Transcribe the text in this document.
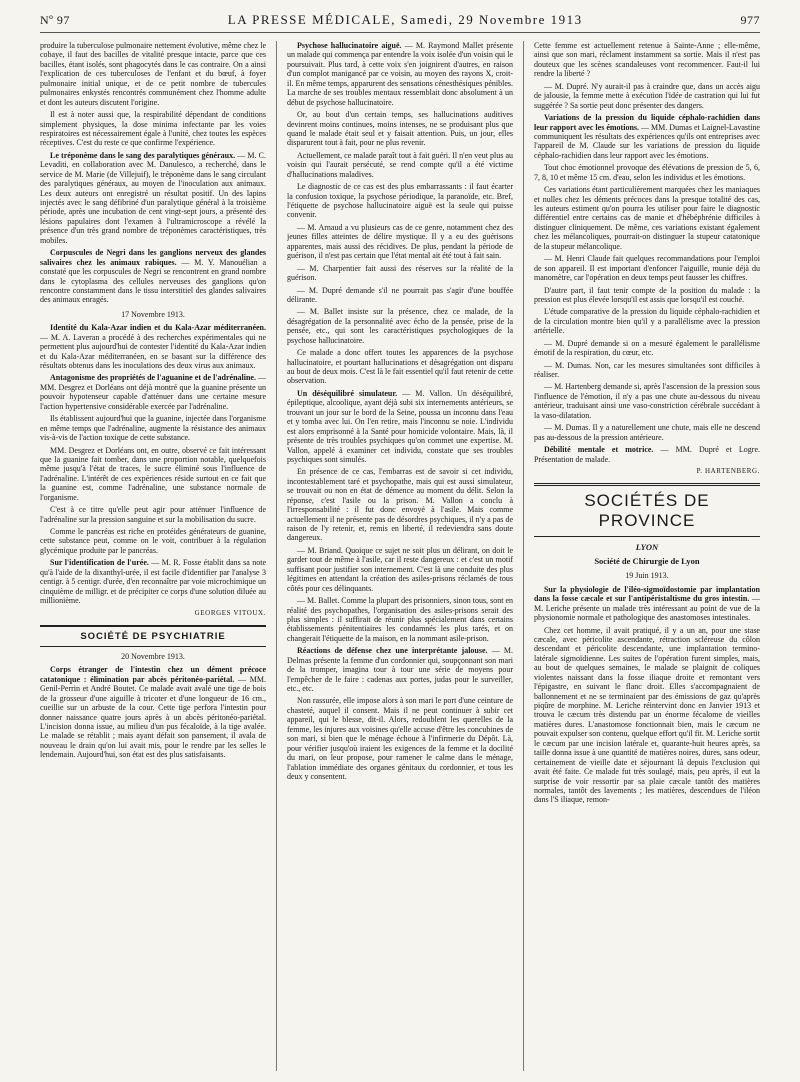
Nº 97	LA PRESSE MÉDICALE, Samedi, 29 Novembre 1913	977

produire la tuberculose pulmonaire nettement évolutive, même chez le cobaye, il faut des bacilles de vitalité presque intacte, parce que ces bacilles, étant isolés, sont phagocytés dans le cas contraire. On a ainsi l'explication de ces tuberculoses de l'enfant et du bœuf, à foyer pulmonaire initial unique, et de ce petit nombre de tubercules pulmonaires enkystés rencontrés communément chez l'homme adulte et dont les auteurs discutent l'origine.

Il est à noter aussi que, la respirabilité dépendant de conditions simplement physiques, la dose minima infectante par les voies respiratoires est nécessairement égale à l'unité, chez toutes les espèces réceptives. C'est du reste ce que confirme l'expérience.

Le tréponème dans le sang des paralytiques généraux. — M. C. Levaditi, en collaboration avec M. Danulesco, a recherché, dans le service de M. Marie (de Villejuif), le tréponème dans le sang circulant des paralytiques généraux, au moyen de l'inoculation aux animaux. Les deux auteurs ont enregistré un résultat positif. Un des lapins injectés avec le sang défibriné d'un paralytique général à la troisième période, après une incubation de cent vingt-sept jours, a présenté des lésions papulaires dont l'examen à l'ultramicroscope a révélé la présence d'un très grand nombre de tréponèmes caractéristiques, très mobiles.

Corpuscules de Negri dans les ganglions nerveux des glandes salivaires chez les animaux rabiques. — M. Y. Manouélian a constaté que les corpuscules de Negri se rencontrent en grand nombre dans le cytoplasma des cellules nerveuses des ganglions qu'on rencontre constamment dans le tissu interstitiel des glandes salivaires des animaux enragés.

17 Novembre 1913.

Identité du Kala-Azar indien et du Kala-Azar méditerranéen. — M. A. Laveran a procédé à des recherches expérimentales qui ne permettent plus aujourd'hui de contester l'identité du Kala-Azar indien et du Kala-Azar méditerranéen, en se basant sur la différence des résultats obtenus dans les inoculations des deux virus aux animaux.

Antagonisme des propriétés de l'aguanine et de l'adrénaline. — MM. Desgrez et Dorléans ont déjà montré que la guanine présente un pouvoir hypotenseur capable d'atténuer dans une certaine mesure l'action hypertensive considérable exercée par l'adrénaline.

Ils établissent aujourd'hui que la guanine, injectée dans l'organisme en même temps que l'adrénaline, augmente la résistance des animaux vis-à-vis de l'action toxique de cette substance.

MM. Desgrez et Dorléans ont, en outre, observé ce fait intéressant que la guanine fait tomber, dans une proportion notable, quelquefois même jusqu'à l'état de traces, le sucre éliminé sous l'influence de l'adrénaline. L'intérêt de ces expériences réside surtout en ce fait que la guanine est, comme l'adrénaline, une substance normale de l'organisme.

C'est à ce titre qu'elle peut agir pour atténuer l'influence de l'adrénaline sur la pression sanguine et sur la mobilisation du sucre.

Comme le pancréas est riche en protéides générateurs de guanine, cette substance peut, comme on le voit, contribuer à la régulation glycémique produite par le pancréas.

Sur l'identification de l'urée. — M. R. Fosse établit dans sa note qu'à l'aide de la dixanthyl-urée, il est facile d'identifier par l'analyse 3 centigr. à 5 centigr. d'urée, d'en reconnaître par voie microchimique un cinquième de milligr. et de précipiter ce corps d'une solution diluée au millionième.

GEORGES VITOUX.
SOCIÉTÉ DE PSYCHIATRIE
20 Novembre 1913.

Corps étranger de l'intestin chez un dément précoce catatonique : élimination par abcès péritonéo-pariétal. — MM. Genil-Perrin et André Boutet. Ce malade avait avalé une tige de bois de la grosseur d'une aiguille à tricoter et d'une longueur de 16 cm., cueillie sur un arbuste de la cour. Cette tige perfora l'intestin pour donner naissance quatre jours après à un abcès péritonéo-pariétal. L'incision donna issue, au milieu d'un pus fécaloïde, à la tige avalée. Le malade se rétablit ; mais ayant défait son pansement, il avala de nouveau le drain qu'on lui avait mis, pour le rendre par les selles le lendemain. Aujourd'hui, son état est des plus satisfaisants.

Psychose hallucinatoire aiguë. — M. Raymond Mallet présente un malade qui commença par entendre la voix isolée d'un voisin qui le poursuivait. Plus tard, à cette voix s'en joignirent d'autres, en raison d'un complot manigancé par ce voisin, au moyen des rayons X, croit-il. En même temps, apparurent des sensations cénesthésiques pénibles. La marche de ses troubles mentaux ressemblait donc absolument à un début de psychose hallucinatoire.

Or, au bout d'un certain temps, ses hallucinations auditives devinrent moins continues, moins intenses, ne se produisant plus que quand le malade était seul et y faisait attention. Puis, un jour, elles disparurent tout à fait, pour ne plus revenir.

Actuellement, ce malade paraît tout à fait guéri. Il n'en veut plus au voisin qui l'aurait persécuté, se rend compte qu'il a été victime d'hallucinations maladives.

Le diagnostic de ce cas est des plus embarrassants : il faut écarter la confusion toxique, la psychose périodique, la paranoïde, etc. Bref, l'étiquette de psychose hallucinatoire aiguë est la seule qui puisse convenir.

— M. Arnaud a vu plusieurs cas de ce genre, notamment chez des jeunes filles atteintes de délire mystique. Il y a eu des guérisons apparentes, mais aussi des récidives. De plus, pendant la période de guérison, il n'est pas certain que l'état mental ait été tout à fait sain.

— M. Charpentier fait aussi des réserves sur la réalité de la guérison.

— M. Dupré demande s'il ne pourrait pas s'agir d'une bouffée délirante.

— M. Ballet insiste sur la présence, chez ce malade, de la désagrégation de la personnalité avec écho de la pensée, prise de la pensée, etc., qui sont les caractéristiques psychologiques de la psychose hallucinatoire.

Ce malade a donc offert toutes les apparences de la psychose hallucinatoire, et pourtant hallucinations et désagrégation ont disparu au bout de deux mois. C'est là le fait essentiel qu'il faut retenir de cette observation.

Un déséquilibré simulateur. — M. Vallon. Un déséquilibré, épileptique, alcoolique, ayant déjà subi six internements antérieurs, se trouvant un jour sur le bord de la Seine, poussa un inconnu dans l'eau et y tomba avec lui. On l'en retire, mais l'inconnu se noie. L'individu est alors emprisonné à la Santé pour homicide volontaire. Mais, là, il présente de très troubles psychiques qu'on commet une expertise. M. Vallon, appelé à examiner cet individu, constate que ses troubles psychiques sont simulés.

En présence de ce cas, l'embarras est de savoir si cet individu, incontestablement taré et psychopathe, mais qui est aussi simulateur, se trouvait ou non en état de démence au moment du délit. Selon la réponse, c'est l'asile ou la prison. M. Vallon a conclu à l'irresponsabilité : il fut donc envoyé à l'asile. Mais comme actuellement il ne présente pas de désordres psychiques, il n'y a pas de raison de l'y retenir, et, remis en liberté, il redeviendra sans doute dangereux.

— M. Briand. Quoique ce sujet ne soit plus un délirant, on doit le garder tout de même à l'asile, car il reste dangereux : et c'est un motif suffisant pour justifier son internement. C'est là une conduite des plus légitimes en attendant la création des asiles-prisons réclamés de tous côtés pour ces délinquants.

— M. Ballet. Comme la plupart des prisonniers, sinon tous, sont en réalité des psychopathes, l'organisation des asiles-prisons serait des plus simples : il suffirait de réunir plus spécialement dans certains établissements pénitentiaires les condamnés les plus tarés, et on changerait l'étiquette de la maison, en la nommant asile-prison.

Réactions de défense chez une interprétante jalouse. — M. Delmas présente la femme d'un cordonnier qui, soupçonnant son mari de la tromper, imagina tour à tour une série de moyens pour l'empêcher de le faire : cadenas aux portes, judas pour le surveiller, etc., etc.

Non rassurée, elle impose alors à son mari le port d'une ceinture de chasteté, auquel il consent. Mais il ne peut continuer à subir cet appareil, qui le blesse, dit-il. Alors, redoublent les querelles de la femme, les injures aux voisines qu'elle accuse d'être les concubines de son mari, si bien que le ménage échoue à l'infirmerie du Dépôt. Là, pour vérifier jusqu'où iraient les exigences de la femme et la docilité du mari, on leur propose, pour ramener le calme dans le ménage, l'ablation immédiate des organes génitaux du cordonnier, et tous les deux y consentent.

Cette femme est actuellement retenue à Sainte-Anne ; elle-même, ainsi que son mari, réclament instamment sa sortie. Mais il n'est pas douteux que les scènes scandaleuses vont recommencer. Faut-il lui rendre la liberté ?

— M. Dupré. N'y aurait-il pas à craindre que, dans un accès aigu de jalousie, la femme mette à exécution l'idée de castration qui lui fut suggérée ? Sa sortie peut donc présenter des dangers.

Variations de la pression du liquide céphalo-rachidien dans leur rapport avec les émotions. — MM. Dumas et Laignel-Lavastine communiquent les résultats des expériences qu'ils ont entreprises avec l'appareil de M. Claude sur les variations de pression du liquide céphalo-rachidien dans leur rapport avec les émotions.

Tout choc émotionnel provoque des élévations de pression de 5, 6, 7, 8, 10 et même 15 cm. d'eau, selon les individus et les émotions.

Ces variations étant particulièrement marquées chez les maniaques et nulles chez les déments précoces dans la presque totalité des cas, les auteurs estiment qu'on pourra les utiliser pour faire le diagnostic différentiel entre certains cas de manie et d'hébéphrénie difficiles à distinguer cliniquement. De même, ces variations existant également chez les mélancoliques, pourrait-on distinguer la stupeur catatonique de la stupeur mélancolique.

— M. Henri Claude fait quelques recommandations pour l'emploi de son appareil. Il est important d'enfoncer l'aiguille, munie déjà du manomètre, car l'opération en deux temps peut fausser les chiffres.

D'autre part, il faut tenir compte de la position du malade : la pression est plus élevée lorsqu'il est assis que lorsqu'il est couché.

L'étude comparative de la pression du liquide céphalo-rachidien et de la circulation montre bien qu'il y a parallélisme avec la pression artérielle.

— M. Dupré demande si on a mesuré également le parallélisme émotif de la respiration, du cœur, etc.

— M. Dumas. Non, car les mesures simultanées sont difficiles à réaliser.

— M. Hartenberg demande si, après l'ascension de la pression sous l'influence de l'émotion, il n'y a pas une chute au-dessous du niveau antérieur, traduisant ainsi une vaso-constriction cérébrale succédant à la vaso-dilatation.

— M. Dumas. Il y a naturellement une chute, mais elle ne descend pas au-dessous de la pression antérieure.

Débilité mentale et motrice. — MM. Dupré et Logre. Présentation de malade.

P. HARTENBERG.
SOCIÉTÉS DE PROVINCE
LYON
Société de Chirurgie de Lyon
19 Juin 1913.

Sur la physiologie de l'iléo-sigmoïdostomie par implantation dans la fosse cæcale et sur l'antipéristaltisme du gros intestin. — M. Leriche présente un malade très intéressant au point de vue de la physionomie normale et pathologique des anastomoses intestinales.

Chez cet homme, il avait pratiqué, il y a un an, pour une stase cæcale, avec péricolite ascendante, rétraction scléreuse du côlon descendant et péricolite descendante, une implantation termino-latérale sigmoïdienne. Les suites de l'opération furent simples, mais, au bout de quelques semaines, le malade se plaignit de coliques violentes naissant dans la fosse iliaque droite et remontant vers l'épigastre, en suivant le flanc droit. Elles s'accompagnaient de ballonnement et ne se terminaient par des émissions de gaz qu'après piqûre de morphine. M. Leriche réintervint donc en Janvier 1913 et trouva le cæcum très distendu par un énorme fécalome de vieilles matières dures. L'anastomose fonctionnait bien, mais le cæcum ne pouvait expulser son contenu, quelque effort qu'il fit. M. Leriche sortit le cæcum par une incision latérale et, quarante-huit heures après, sa taille donna issue à une quantité de matières noires, dures, sans odeur, certainement de vieille date et séjournant là depuis l'exclusion qui avait été faite. Ce malade fut très soulagé, mais, peu après, il eut la surprise de voir ressortir par sa plaie cæcale tantôt des matières normales, tantôt des lavements ; les matières, descendues de l'iléon dans l'S iliaque, remon-
